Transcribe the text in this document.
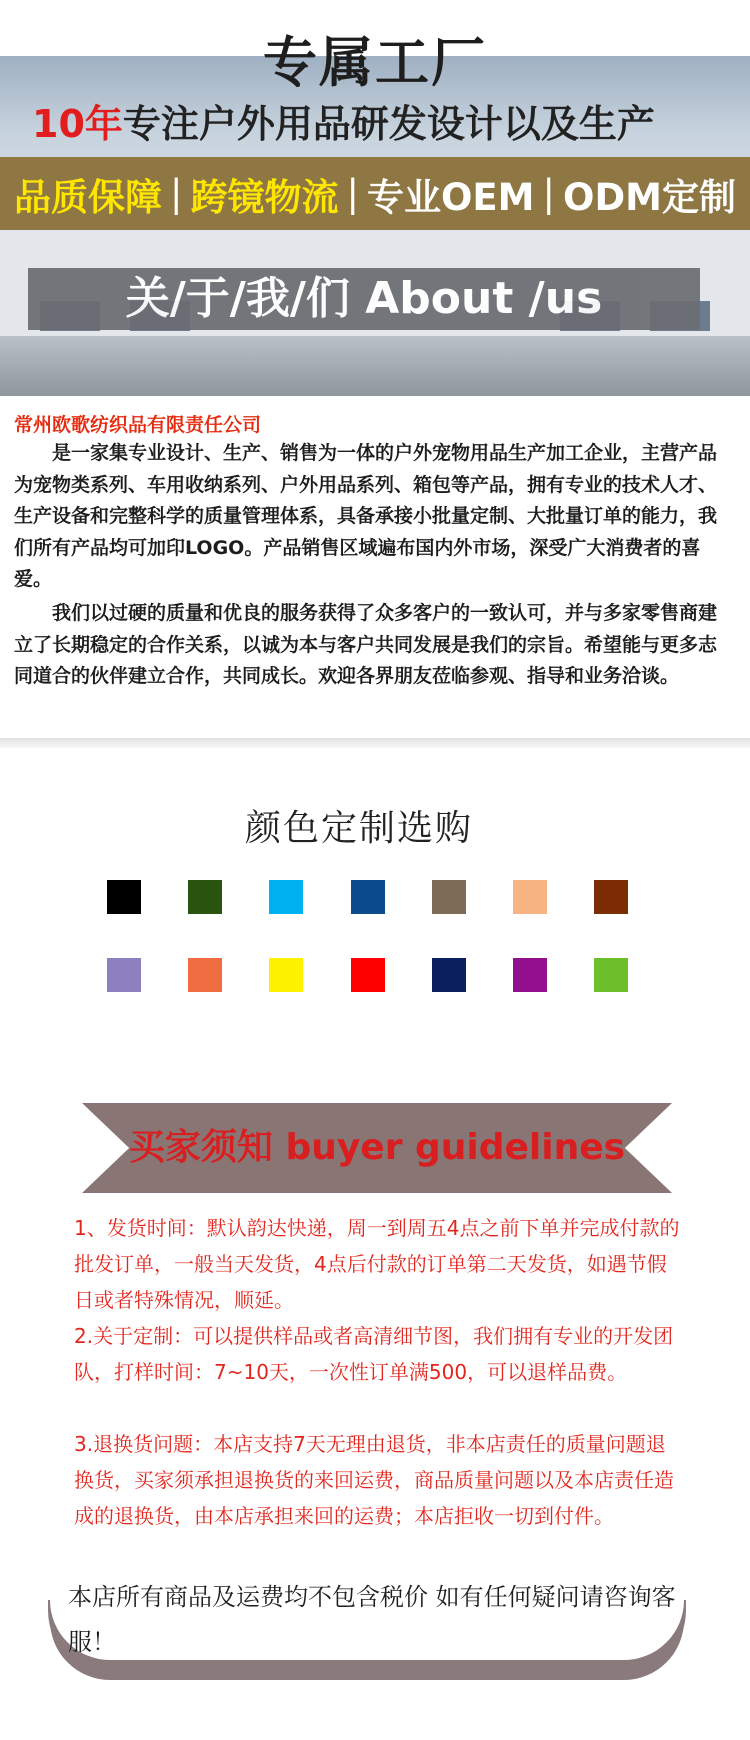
专属工厂
10年专注户外用品研发设计以及生产
品质保障 | 跨镜物流 | 专业OEM | ODM定制
关/于/我/们 About /us
常州欧歌纺织品有限责任公司
是一家集专业设计、生产、销售为一体的户外宠物用品生产加工企业，主营产品为宠物类系列、车用收纳系列、户外用品系列、箱包等产品，拥有专业的技术人才、生产设备和完整科学的质量管理体系，具备承接小批量定制、大批量订单的能力，我们所有产品均可加印LOGO。产品销售区域遍布国内外市场，深受广大消费者的喜爱。
我们以过硬的质量和优良的服务获得了众多客户的一致认可，并与多家零售商建立了长期稳定的合作关系，以诚为本与客户共同发展是我们的宗旨。希望能与更多志同道合的伙伴建立合作，共同成长。欢迎各界朋友莅临参观、指导和业务洽谈。
颜色定制选购
买家须知 buyer guidelines
1、发货时间：默认韵达快递，周一到周五4点之前下单并完成付款的批发订单，一般当天发货，4点后付款的订单第二天发货，如遇节假日或者特殊情况，顺延。
2.关于定制：可以提供样品或者高清细节图，我们拥有专业的开发团队，打样时间：7~10天，一次性订单满500，可以退样品费。
3.退换货问题：本店支持7天无理由退货，非本店责任的质量问题退换货，买家须承担退换货的来回运费，商品质量问题以及本店责任造成的退换货，由本店承担来回的运费；本店拒收一切到付件。
本店所有商品及运费均不包含税价 如有任何疑问请咨询客服！
